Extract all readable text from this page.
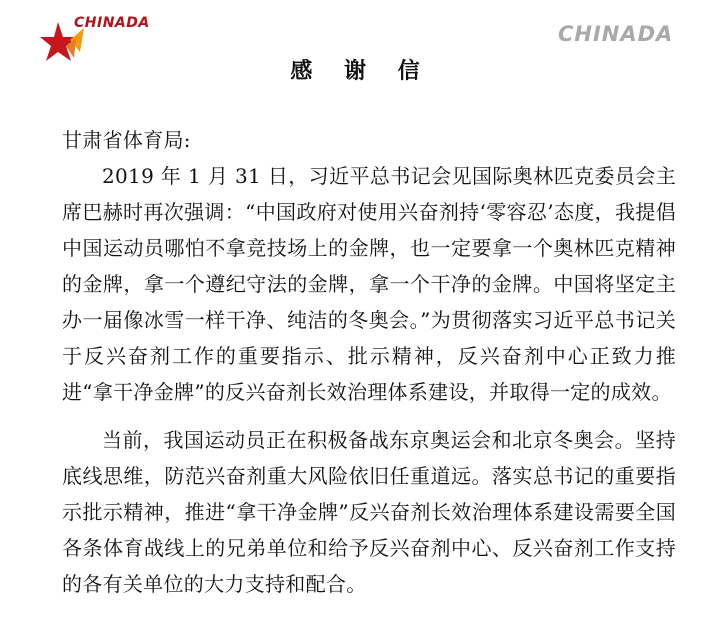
CHINADA	CHINADA
感 谢 信

甘肃省体育局:

2019 年 1 月 31 日，习近平总书记会见国际奥林匹克委员会主席巴赫时再次强调：“中国政府对使用兴奋剂持‘零容忍’态度，我提倡中国运动员哪怕不拿竞技场上的金牌，也一定要拿一个奥林匹克精神的金牌，拿一个遵纪守法的金牌，拿一个干净的金牌。中国将坚定主办一届像冰雪一样干净、纯洁的冬奥会。”为贯彻落实习近平总书记关于反兴奋剂工作的重要指示、批示精神，反兴奋剂中心正致力推进“拿干净金牌”的反兴奋剂长效治理体系建设，并取得一定的成效。

当前，我国运动员正在积极备战东京奥运会和北京冬奥会。坚持底线思维，防范兴奋剂重大风险依旧任重道远。落实总书记的重要指示批示精神，推进“拿干净金牌”反兴奋剂长效治理体系建设需要全国各条体育战线上的兄弟单位和给予反兴奋剂中心、反兴奋剂工作支持的各有关单位的大力支持和配合。
